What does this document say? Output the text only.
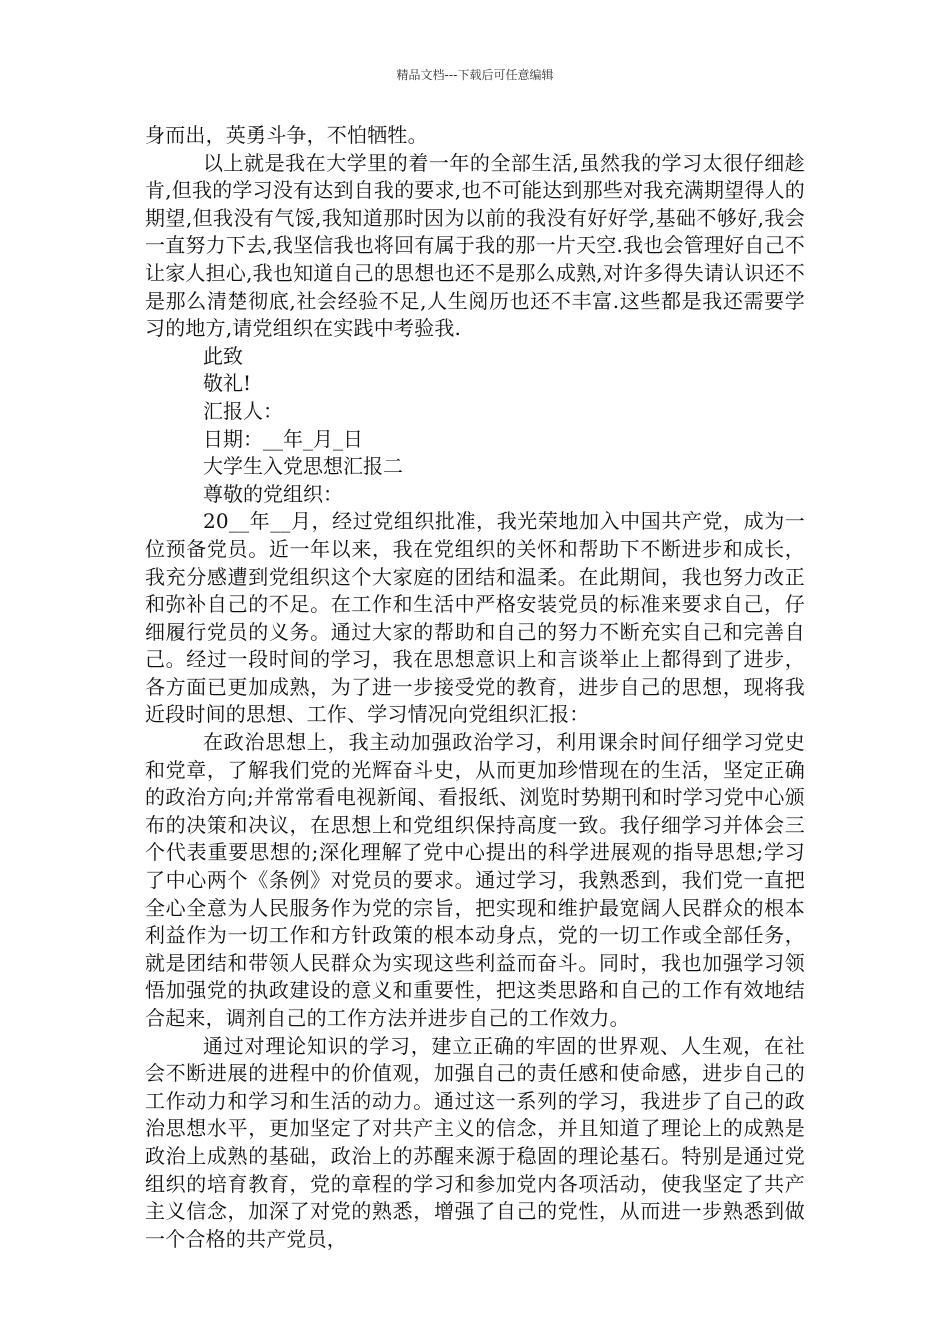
精品文档---下载后可任意编辑

身而出，英勇斗争，不怕牺牲。

以上就是我在大学里的着一年的全部生活,虽然我的学习太很仔细趁肯,但我的学习没有达到自我的要求,也不可能达到那些对我充满期望得人的期望,但我没有气馁,我知道那时因为以前的我没有好好学,基础不够好,我会一直努力下去,我坚信我也将回有属于我的那一片天空.我也会管理好自己不让家人担心,我也知道自己的思想也还不是那么成熟,对许多得失请认识还不是那么清楚彻底,社会经验不足,人生阅历也还不丰富.这些都是我还需要学习的地方,请党组织在实践中考验我.

此致

敬礼!

汇报人：

日期：__年_月_日

大学生入党思想汇报二

尊敬的党组织：

20__年__月，经过党组织批准，我光荣地加入中国共产党，成为一位预备党员。近一年以来，我在党组织的关怀和帮助下不断进步和成长，我充分感遭到党组织这个大家庭的团结和温柔。在此期间，我也努力改正和弥补自己的不足。在工作和生活中严格安装党员的标准来要求自己，仔细履行党员的义务。通过大家的帮助和自己的努力不断充实自己和完善自己。经过一段时间的学习，我在思想意识上和言谈举止上都得到了进步，各方面已更加成熟，为了进一步接受党的教育，进步自己的思想，现将我近段时间的思想、工作、学习情况向党组织汇报：

在政治思想上，我主动加强政治学习，利用课余时间仔细学习党史和党章，了解我们党的光辉奋斗史，从而更加珍惜现在的生活，坚定正确的政治方向;并常常看电视新闻、看报纸、浏览时势期刊和时学习党中心颁布的决策和决议，在思想上和党组织保持高度一致。我仔细学习并体会三个代表重要思想的;深化理解了党中心提出的科学进展观的指导思想;学习了中心两个《条例》对党员的要求。通过学习，我熟悉到，我们党一直把全心全意为人民服务作为党的宗旨，把实现和维护最宽阔人民群众的根本利益作为一切工作和方针政策的根本动身点，党的一切工作或全部任务，就是团结和带领人民群众为实现这些利益而奋斗。同时，我也加强学习领悟加强党的执政建设的意义和重要性，把这类思路和自己的工作有效地结合起来，调剂自己的工作方法并进步自己的工作效力。

通过对理论知识的学习，建立正确的牢固的世界观、人生观，在社会不断进展的进程中的价值观，加强自己的责任感和使命感，进步自己的工作动力和学习和生活的动力。通过这一系列的学习，我进步了自己的政治思想水平，更加坚定了对共产主义的信念，并且知道了理论上的成熟是政治上成熟的基础，政治上的苏醒来源于稳固的理论基石。特别是通过党组织的培育教育，党的章程的学习和参加党内各项活动，使我坚定了共产主义信念，加深了对党的熟悉，增强了自己的党性，从而进一步熟悉到做一个合格的共产党员，
